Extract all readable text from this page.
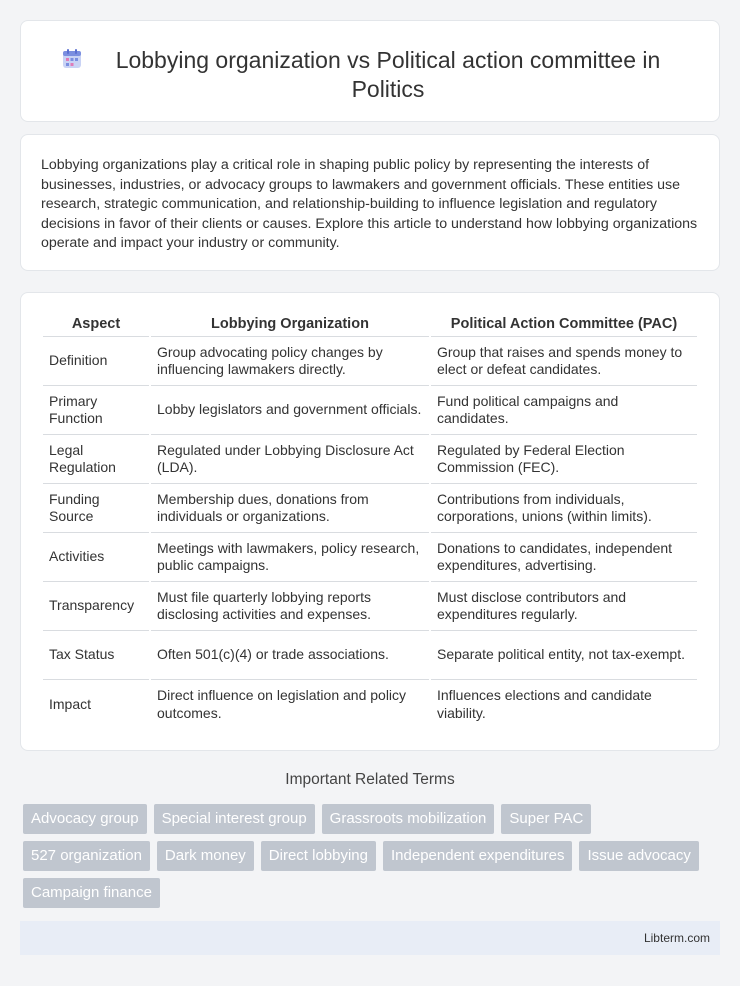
Lobbying organization vs Political action committee in Politics

Lobbying organizations play a critical role in shaping public policy by representing the interests of businesses, industries, or advocacy groups to lawmakers and government officials. These entities use research, strategic communication, and relationship-building to influence legislation and regulatory decisions in favor of their clients or causes. Explore this article to understand how lobbying organizations operate and impact your industry or community.

Aspect	Lobbying Organization	Political Action Committee (PAC)
Definition	Group advocating policy changes by influencing lawmakers directly.	Group that raises and spends money to elect or defeat candidates.
Primary Function	Lobby legislators and government officials.	Fund political campaigns and candidates.
Legal Regulation	Regulated under Lobbying Disclosure Act (LDA).	Regulated by Federal Election Commission (FEC).
Funding Source	Membership dues, donations from individuals or organizations.	Contributions from individuals, corporations, unions (within limits).
Activities	Meetings with lawmakers, policy research, public campaigns.	Donations to candidates, independent expenditures, advertising.
Transparency	Must file quarterly lobbying reports disclosing activities and expenses.	Must disclose contributors and expenditures regularly.
Tax Status	Often 501(c)(4) or trade associations.	Separate political entity, not tax-exempt.
Impact	Direct influence on legislation and policy outcomes.	Influences elections and candidate viability.
Important Related Terms
Advocacy group	Special interest group	Grassroots mobilization	Super PAC
527 organization	Dark money	Direct lobbying	Independent expenditures	Issue advocacy
Campaign finance
Libterm.com
